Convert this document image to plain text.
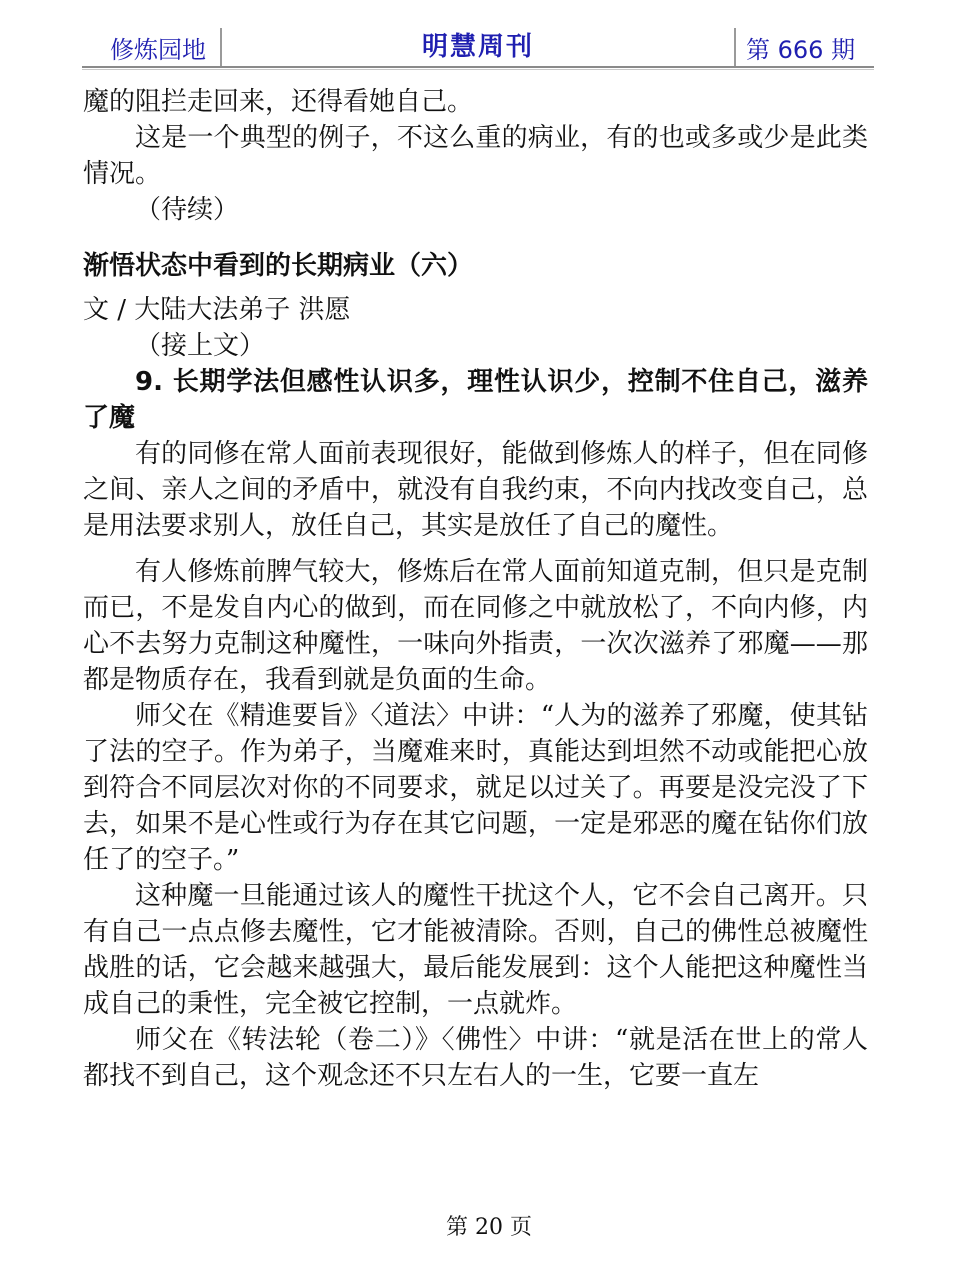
修炼园地	明慧周刊	第 666 期

魔的阻拦走回来，还得看她自己。

这是一个典型的例子，不这么重的病业，有的也或多或少是此类情况。

（待续）

渐悟状态中看到的长期病业（六）

文 / 大陆大法弟子 洪愿

（接上文）

9. 长期学法但感性认识多，理性认识少，控制不住自己，滋养了魔

有的同修在常人面前表现很好，能做到修炼人的样子，但在同修之间、亲人之间的矛盾中，就没有自我约束，不向内找改变自己，总是用法要求别人，放任自己，其实是放任了自己的魔性。

有人修炼前脾气较大，修炼后在常人面前知道克制，但只是克制而已，不是发自内心的做到，而在同修之中就放松了，不向内修，内心不去努力克制这种魔性，一味向外指责，一次次滋养了邪魔——那都是物质存在，我看到就是负面的生命。

师父在《精進要旨》〈道法〉中讲：“人为的滋养了邪魔，使其钻了法的空子。作为弟子，当魔难来时，真能达到坦然不动或能把心放到符合不同层次对你的不同要求，就足以过关了。再要是没完没了下去，如果不是心性或行为存在其它问题，一定是邪恶的魔在钻你们放任了的空子。”

这种魔一旦能通过该人的魔性干扰这个人，它不会自己离开。只有自己一点点修去魔性，它才能被清除。否则，自己的佛性总被魔性战胜的话，它会越来越强大，最后能发展到：这个人能把这种魔性当成自己的秉性，完全被它控制，一点就炸。

师父在《转法轮（卷二）》〈佛性〉中讲：“就是活在世上的常人都找不到自己，这个观念还不只左右人的一生，它要一直左

第 20 页
